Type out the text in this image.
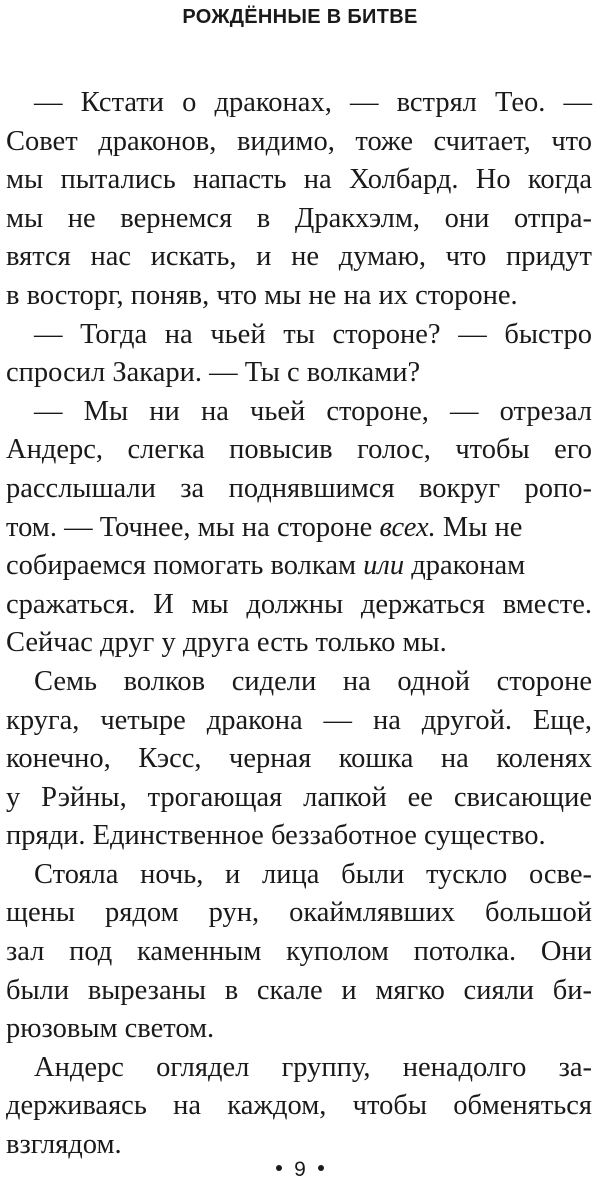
РОЖДЁННЫЕ В БИТВЕ
— Кстати о драконах, — встрял Тео. —
Совет драконов, видимо, тоже считает, что
мы пытались напасть на Холбард. Но когда
мы не вернемся в Дракхэлм, они отпра-
вятся нас искать, и не думаю, что придут
в восторг, поняв, что мы не на их стороне.
— Тогда на чьей ты стороне? — быстро
спросил Закари. — Ты с волками?
— Мы ни на чьей стороне, — отрезал
Андерс, слегка повысив голос, чтобы его
расслышали за поднявшимся вокруг ропо-
том. — Точнее, мы на стороне всех. Мы не
собираемся помогать волкам или драконам
сражаться. И мы должны держаться вместе.
Сейчас друг у друга есть только мы.
Семь волков сидели на одной стороне
круга, четыре дракона — на другой. Еще,
конечно, Кэсс, черная кошка на коленях
у Рэйны, трогающая лапкой ее свисающие
пряди. Единственное беззаботное существо.
Стояла ночь, и лица были тускло осве-
щены рядом рун, окаймлявших большой
зал под каменным куполом потолка. Они
были вырезаны в скале и мягко сияли би-
рюзовым светом.
Андерс оглядел группу, ненадолго за-
держиваясь на каждом, чтобы обменяться
взглядом.
9
